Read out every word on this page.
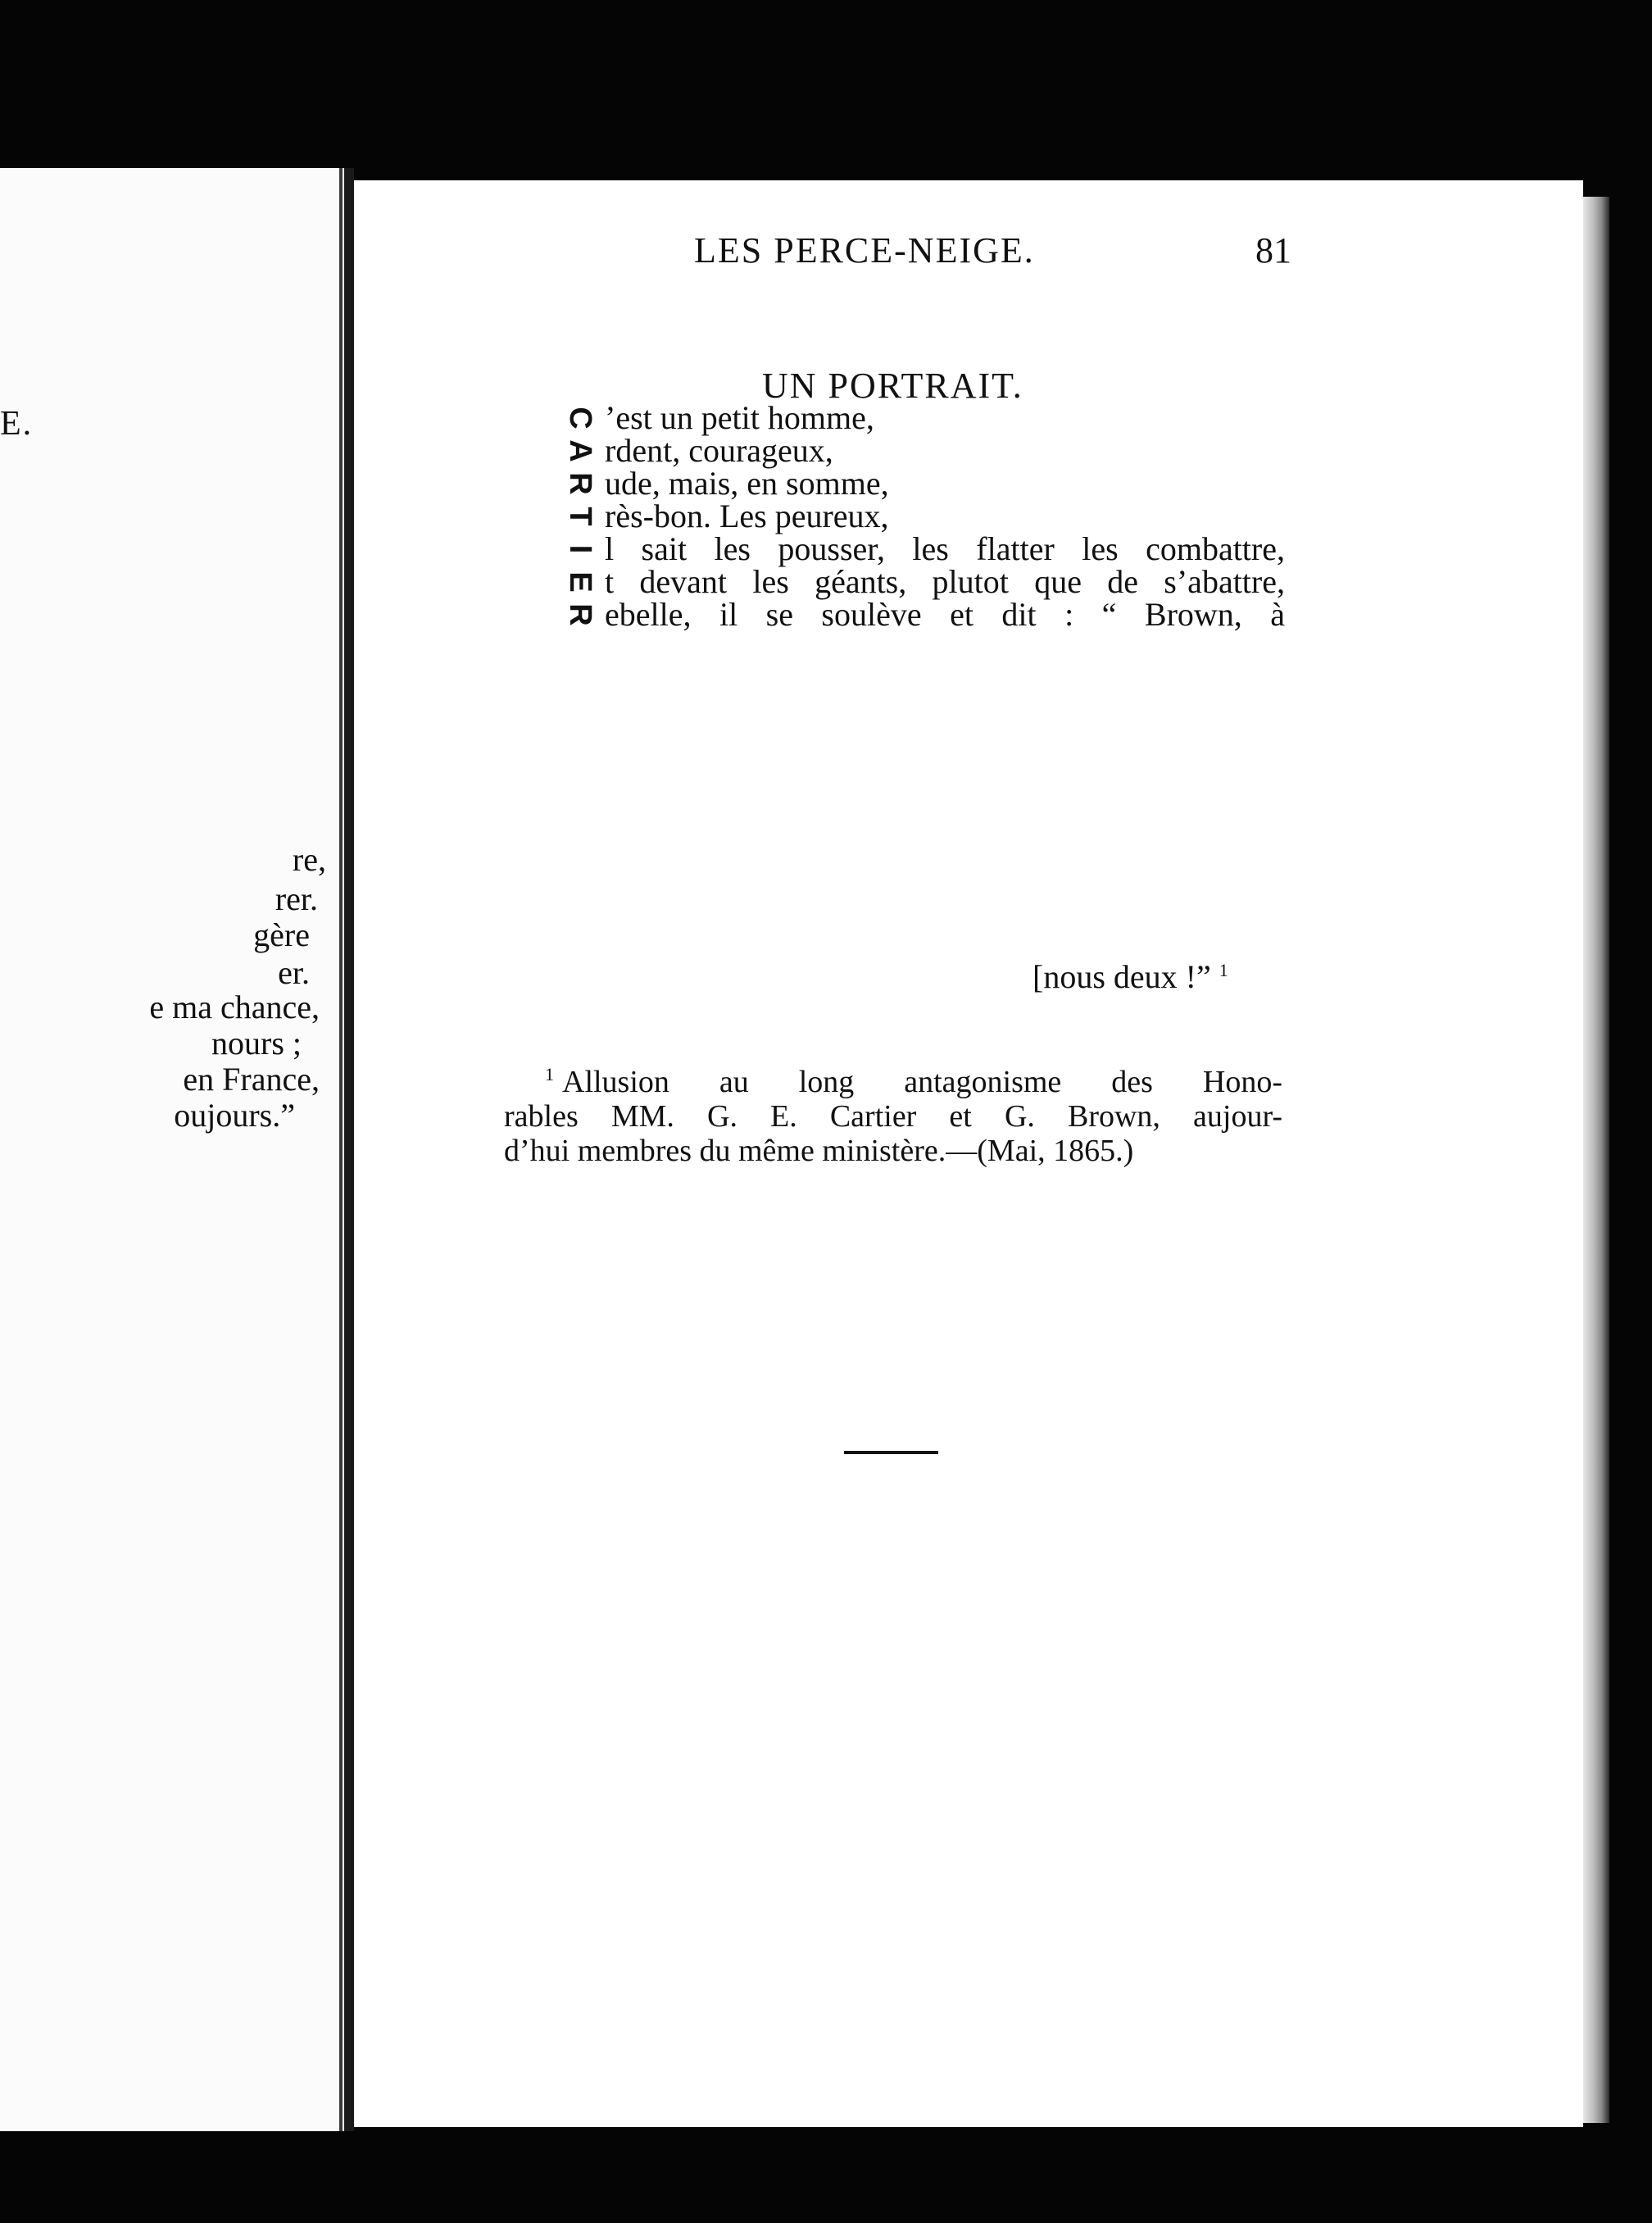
E.
re,
rer.
gère
er.
e ma chance,
nours ;
en France,
oujours.”
LES PERCE-NEIGE.	81
UN PORTRAIT.
C ’est un petit homme,
A rdent, courageux,
R ude, mais, en somme,
T rès-bon. Les peureux,
I l sait les pousser, les flatter les combattre,
E t devant les géants, plutot que de s’abattre,
R ebelle, il se soulève et dit : “ Brown, à
[nous deux !” $^1$
$^1$ Allusion au long antagonisme des Hono-
rables MM. G. E. Cartier et G. Brown, aujour-
d’hui membres du même ministère.—(Mai, 1865.)
